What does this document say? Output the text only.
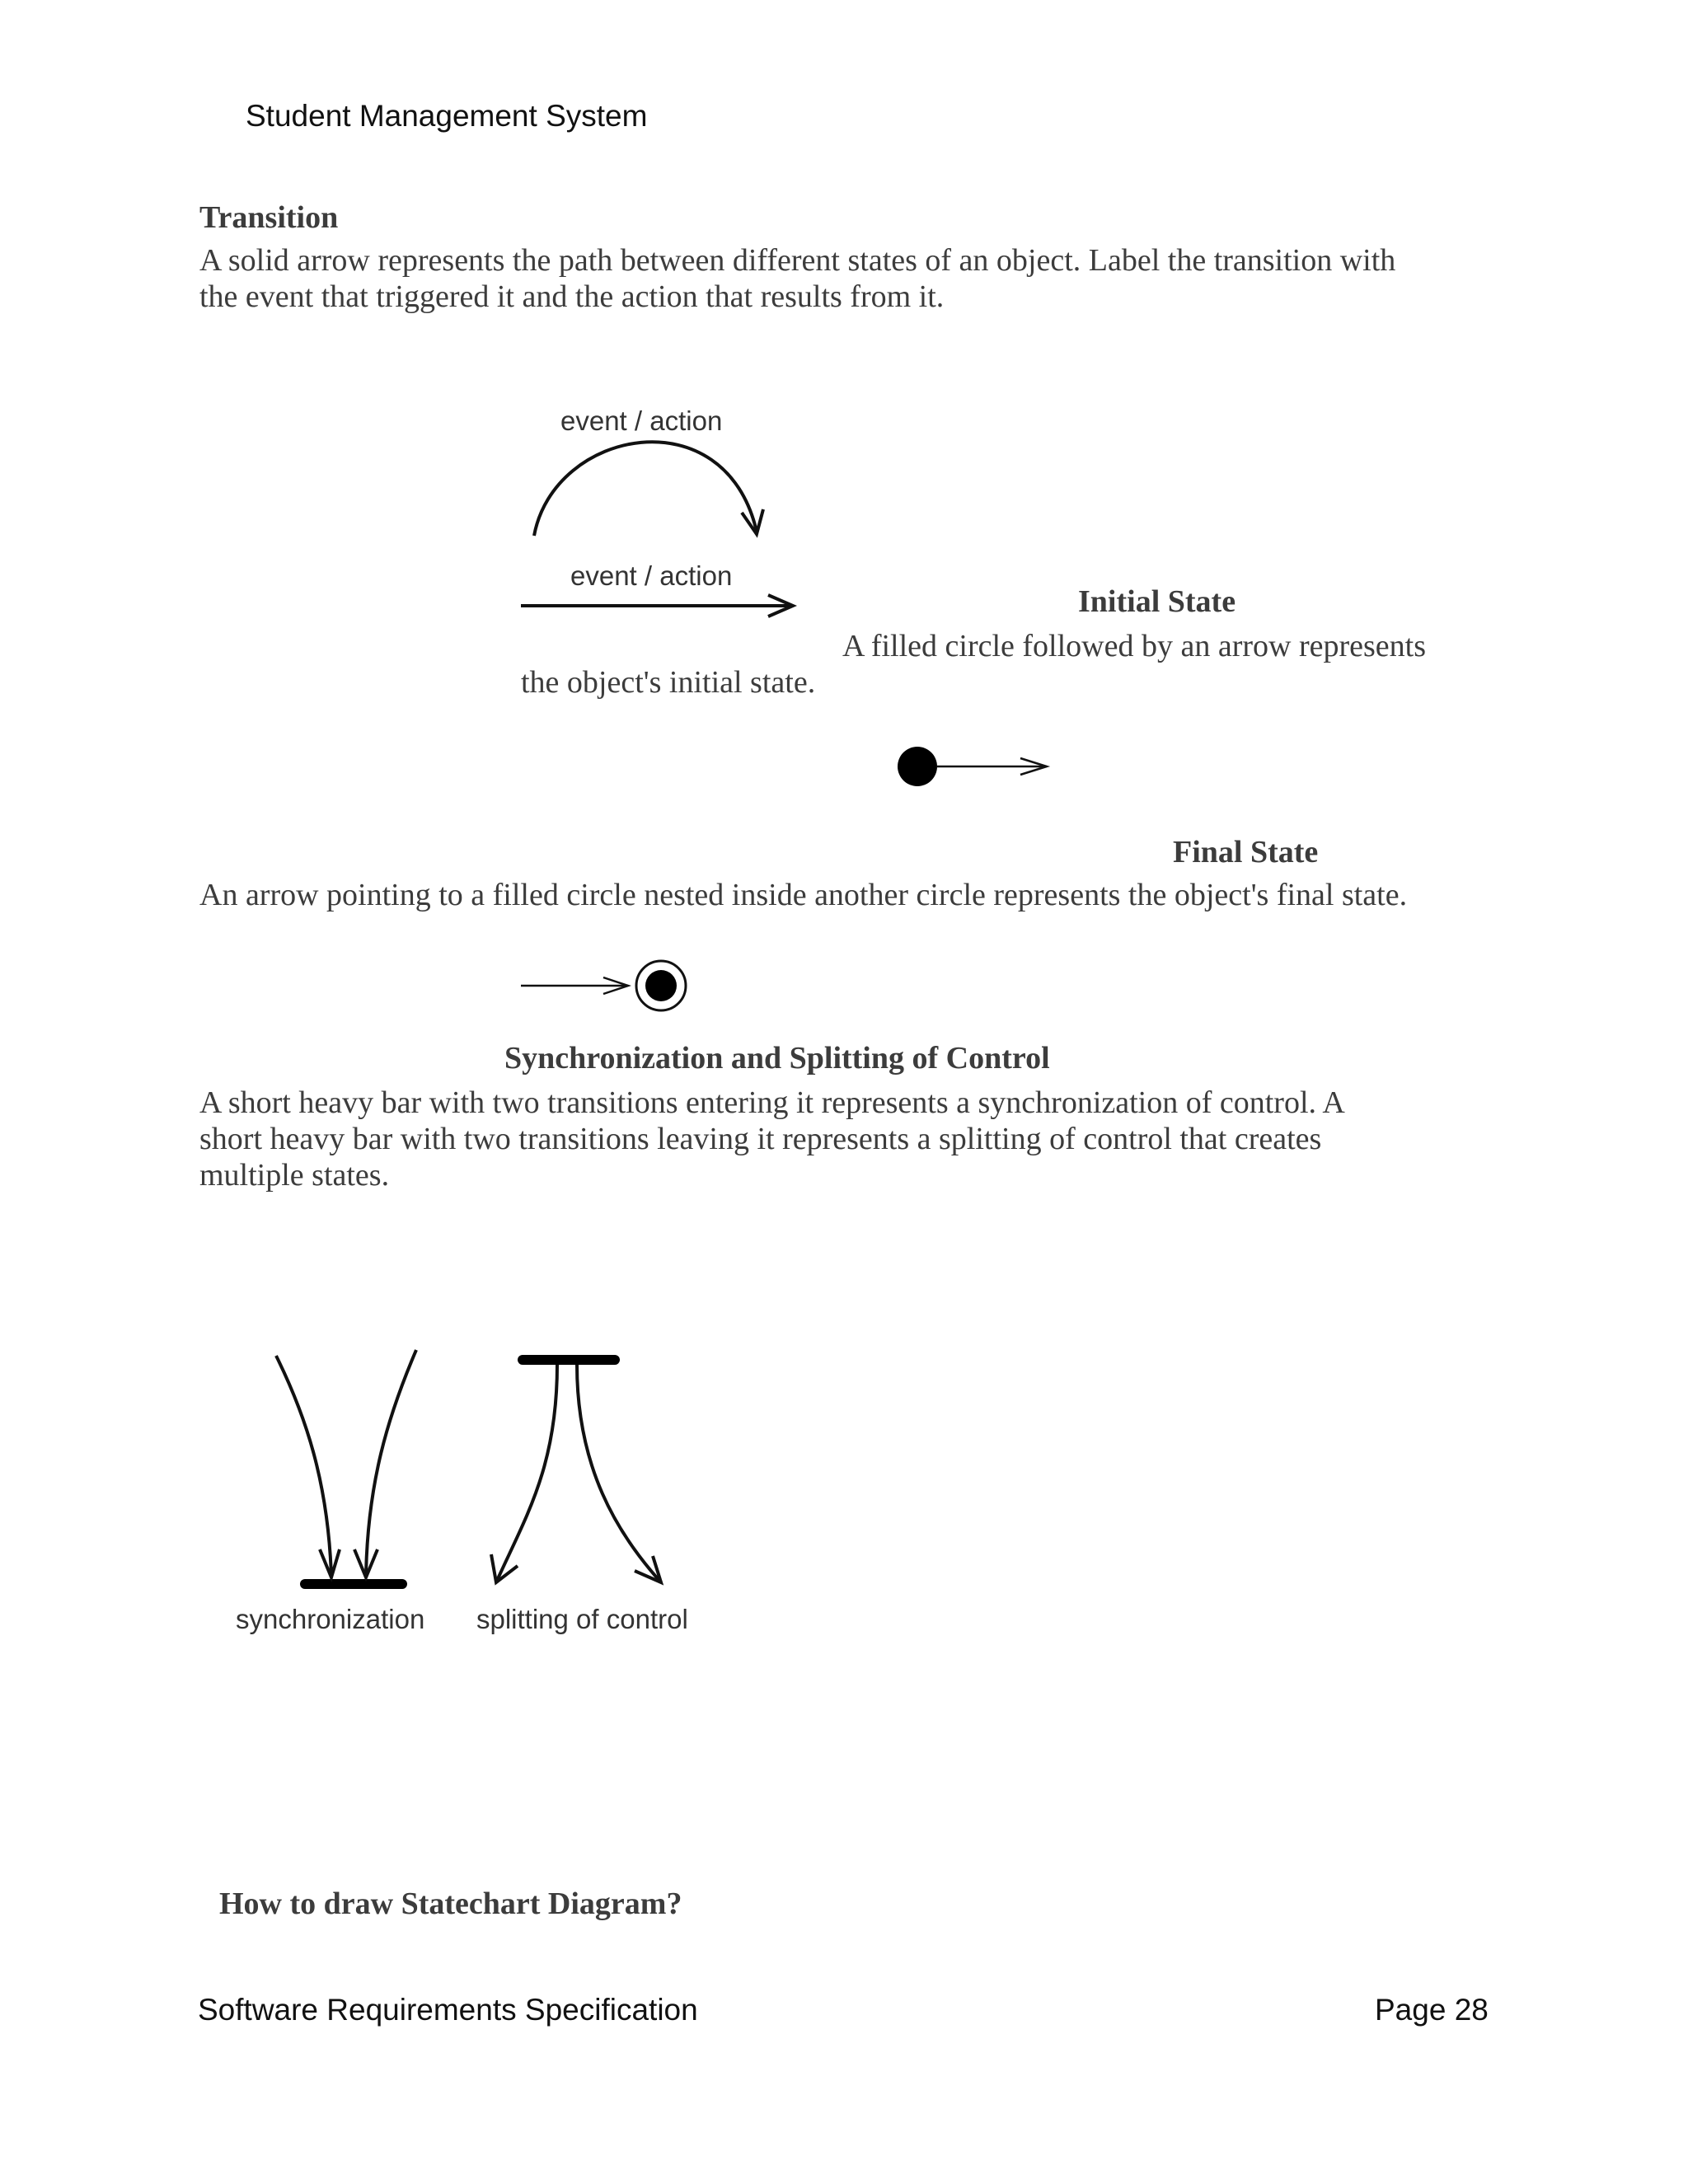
Student Management System
Transition
A solid arrow represents the path between different states of an object. Label the transition with
the event that triggered it and the action that results from it.
event / action
event / action
Initial State
A filled circle followed by an arrow represents
the object's initial state.
Final State
An arrow pointing to a filled circle nested inside another circle represents the object's final state.
Synchronization and Splitting of Control
A short heavy bar with two transitions entering it represents a synchronization of control. A
short heavy bar with two transitions leaving it represents a splitting of control that creates
multiple states.
synchronization splitting of control
How to draw Statechart Diagram?
Software Requirements Specification	Page 28
